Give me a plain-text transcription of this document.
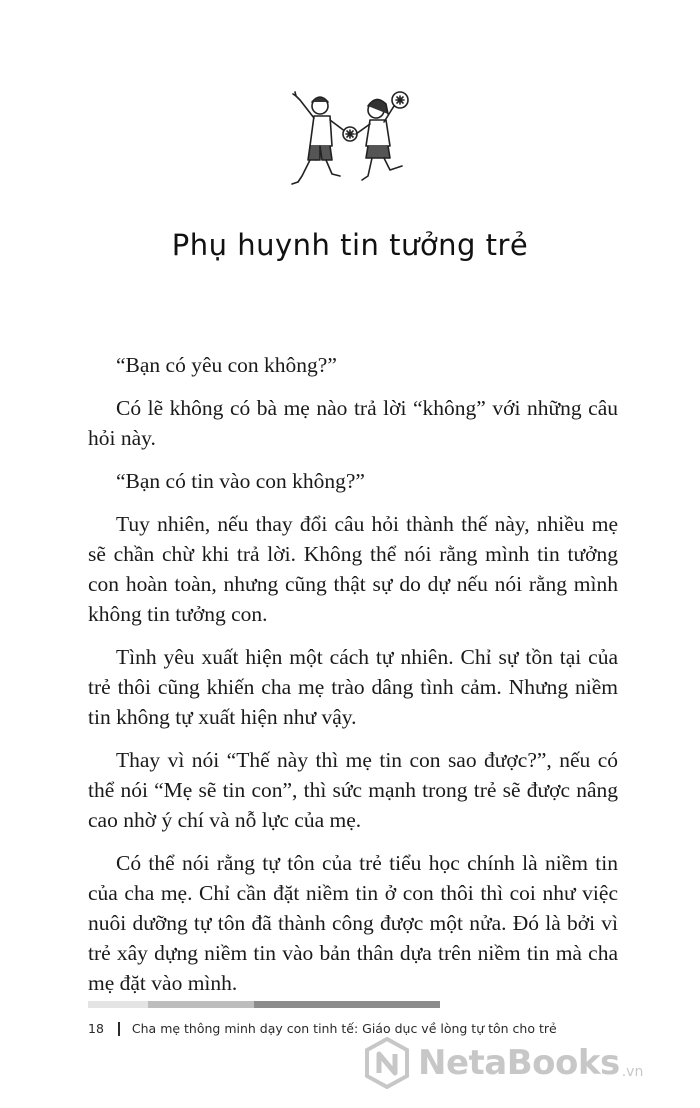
Phụ huynh tin tưởng trẻ

“Bạn có yêu con không?”

Có lẽ không có bà mẹ nào trả lời “không” với những câu hỏi này.

“Bạn có tin vào con không?”

Tuy nhiên, nếu thay đổi câu hỏi thành thế này, nhiều mẹ sẽ chần chừ khi trả lời. Không thể nói rằng mình tin tưởng con hoàn toàn, nhưng cũng thật sự do dự nếu nói rằng mình không tin tưởng con.

Tình yêu xuất hiện một cách tự nhiên. Chỉ sự tồn tại của trẻ thôi cũng khiến cha mẹ trào dâng tình cảm. Nhưng niềm tin không tự xuất hiện như vậy.

Thay vì nói “Thế này thì mẹ tin con sao được?”, nếu có thể nói “Mẹ sẽ tin con”, thì sức mạnh trong trẻ sẽ được nâng cao nhờ ý chí và nỗ lực của mẹ.

Có thể nói rằng tự tôn của trẻ tiểu học chính là niềm tin của cha mẹ. Chỉ cần đặt niềm tin ở con thôi thì coi như việc nuôi dưỡng tự tôn đã thành công được một nửa. Đó là bởi vì trẻ xây dựng niềm tin vào bản thân dựa trên niềm tin mà cha mẹ đặt vào mình.

18 Cha mẹ thông minh dạy con tinh tế: Giáo dục về lòng tự tôn cho trẻ
NetaBooks .vn
